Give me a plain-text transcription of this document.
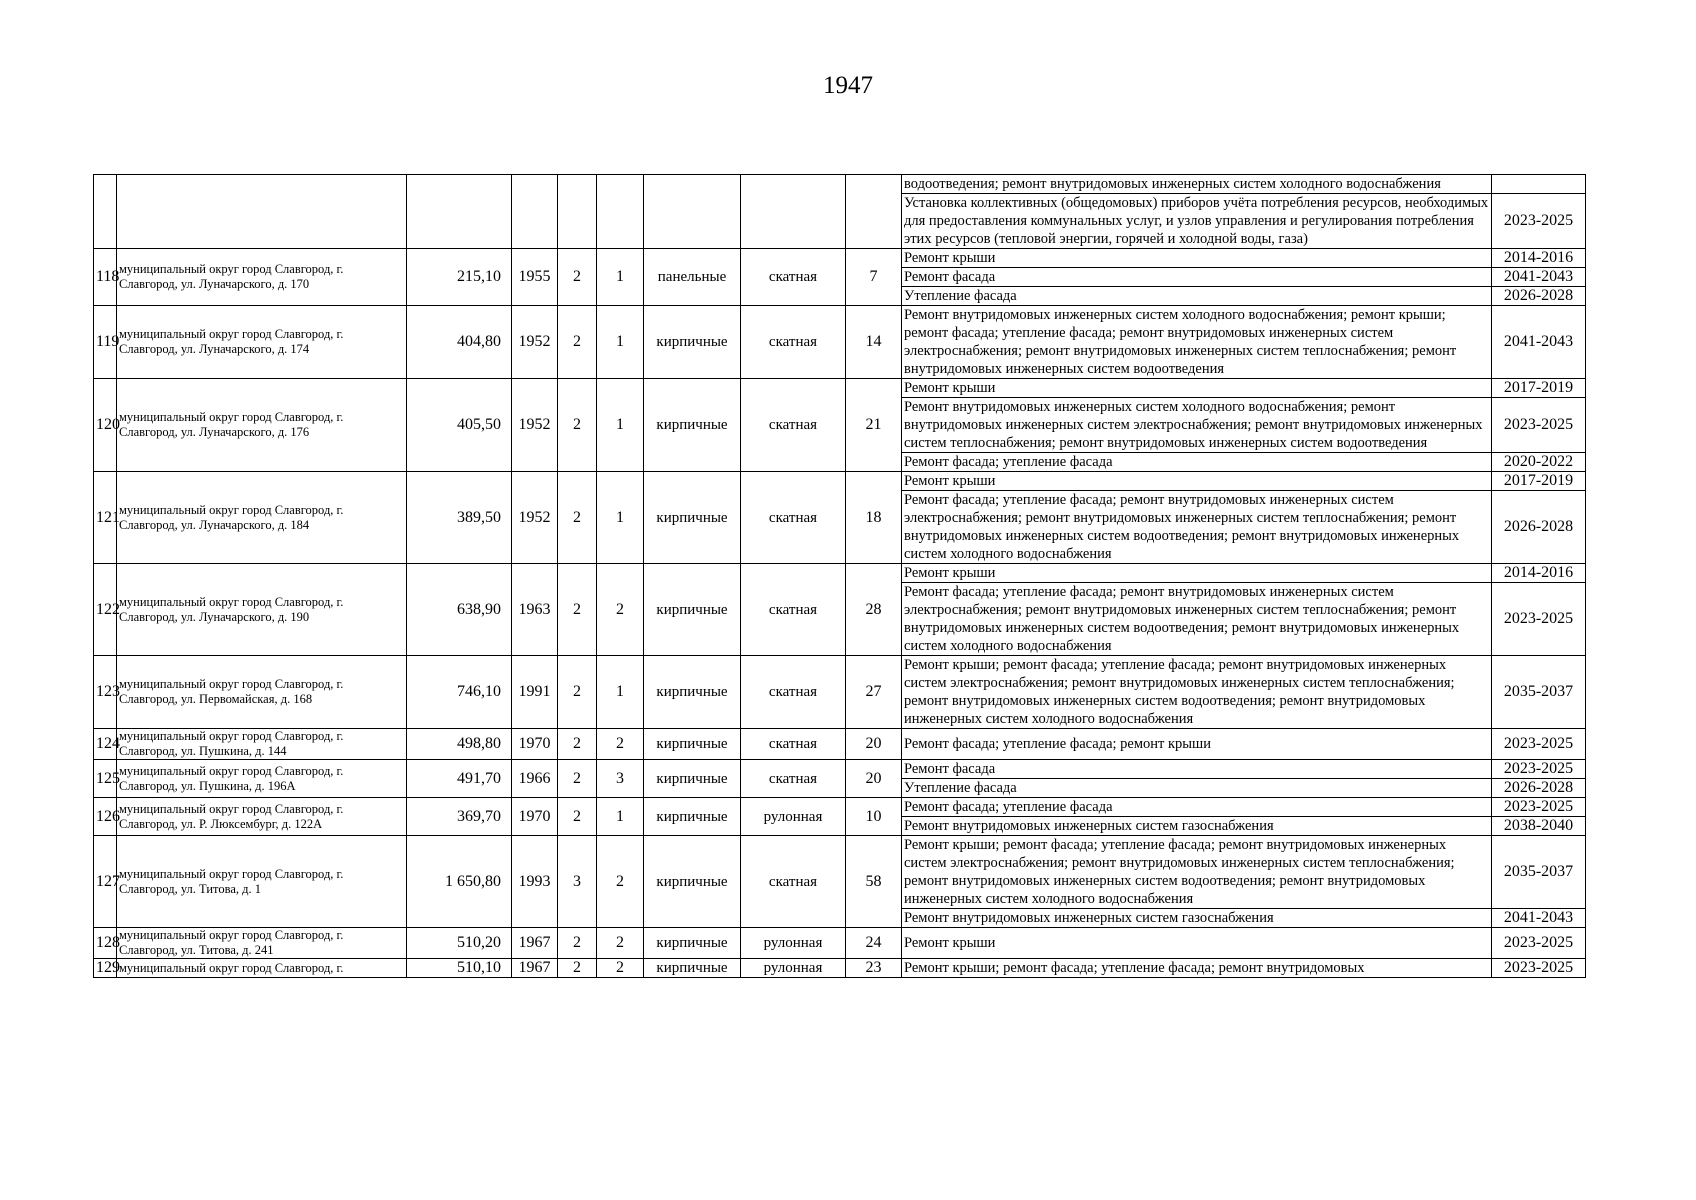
1947
									водоотведения; ремонт внутридомовых инженерных систем холодного водоснабжения	
									Установка коллективных (общедомовых) приборов учёта потребления ресурсов, необходимых для предоставления коммунальных услуг, и узлов управления и регулирования потребления этих ресурсов (тепловой энергии, горячей и холодной воды, газа)	2023-2025
118	муниципальный округ город Славгород, г. Славгород, ул. Луначарского, д. 170	215,10	1955	2	1	панельные	скатная	7	Ремонт крыши	2014-2016
									Ремонт фасада	2041-2043
									Утепление фасада	2026-2028
119	муниципальный округ город Славгород, г. Славгород, ул. Луначарского, д. 174	404,80	1952	2	1	кирпичные	скатная	14	Ремонт внутридомовых инженерных систем холодного водоснабжения; ремонт крыши; ремонт фасада; утепление фасада; ремонт внутридомовых инженерных систем электроснабжения; ремонт внутридомовых инженерных систем теплоснабжения; ремонт внутридомовых инженерных систем водоотведения	2041-2043
120	муниципальный округ город Славгород, г. Славгород, ул. Луначарского, д. 176	405,50	1952	2	1	кирпичные	скатная	21	Ремонт крыши	2017-2019
									Ремонт внутридомовых инженерных систем холодного водоснабжения; ремонт внутридомовых инженерных систем электроснабжения; ремонт внутридомовых инженерных систем теплоснабжения; ремонт внутридомовых инженерных систем водоотведения	2023-2025
									Ремонт фасада; утепление фасада	2020-2022
121	муниципальный округ город Славгород, г. Славгород, ул. Луначарского, д. 184	389,50	1952	2	1	кирпичные	скатная	18	Ремонт крыши	2017-2019
									Ремонт фасада; утепление фасада; ремонт внутридомовых инженерных систем электроснабжения; ремонт внутридомовых инженерных систем теплоснабжения; ремонт внутридомовых инженерных систем водоотведения; ремонт внутридомовых инженерных систем холодного водоснабжения	2026-2028
122	муниципальный округ город Славгород, г. Славгород, ул. Луначарского, д. 190	638,90	1963	2	2	кирпичные	скатная	28	Ремонт крыши	2014-2016
									Ремонт фасада; утепление фасада; ремонт внутридомовых инженерных систем электроснабжения; ремонт внутридомовых инженерных систем теплоснабжения; ремонт внутридомовых инженерных систем водоотведения; ремонт внутридомовых инженерных систем холодного водоснабжения	2023-2025
123	муниципальный округ город Славгород, г. Славгород, ул. Первомайская, д. 168	746,10	1991	2	1	кирпичные	скатная	27	Ремонт крыши; ремонт фасада; утепление фасада; ремонт внутридомовых инженерных систем электроснабжения; ремонт внутридомовых инженерных систем теплоснабжения; ремонт внутридомовых инженерных систем водоотведения; ремонт внутридомовых инженерных систем холодного водоснабжения	2035-2037
124	муниципальный округ город Славгород, г. Славгород, ул. Пушкина, д. 144	498,80	1970	2	2	кирпичные	скатная	20	Ремонт фасада; утепление фасада; ремонт крыши	2023-2025
125	муниципальный округ город Славгород, г. Славгород, ул. Пушкина, д. 196А	491,70	1966	2	3	кирпичные	скатная	20	Ремонт фасада	2023-2025
									Утепление фасада	2026-2028
126	муниципальный округ город Славгород, г. Славгород, ул. Р. Люксембург, д. 122А	369,70	1970	2	1	кирпичные	рулонная	10	Ремонт фасада; утепление фасада	2023-2025
									Ремонт внутридомовых инженерных систем газоснабжения	2038-2040
127	муниципальный округ город Славгород, г. Славгород, ул. Титова, д. 1	1 650,80	1993	3	2	кирпичные	скатная	58	Ремонт крыши; ремонт фасада; утепление фасада; ремонт внутридомовых инженерных систем электроснабжения; ремонт внутридомовых инженерных систем теплоснабжения; ремонт внутридомовых инженерных систем водоотведения; ремонт внутридомовых инженерных систем холодного водоснабжения	2035-2037
									Ремонт внутридомовых инженерных систем газоснабжения	2041-2043
128	муниципальный округ город Славгород, г. Славгород, ул. Титова, д. 241	510,20	1967	2	2	кирпичные	рулонная	24	Ремонт крыши	2023-2025
129	муниципальный округ город Славгород, г.	510,10	1967	2	2	кирпичные	рулонная	23	Ремонт крыши; ремонт фасада; утепление фасада; ремонт внутридомовых	2023-2025
